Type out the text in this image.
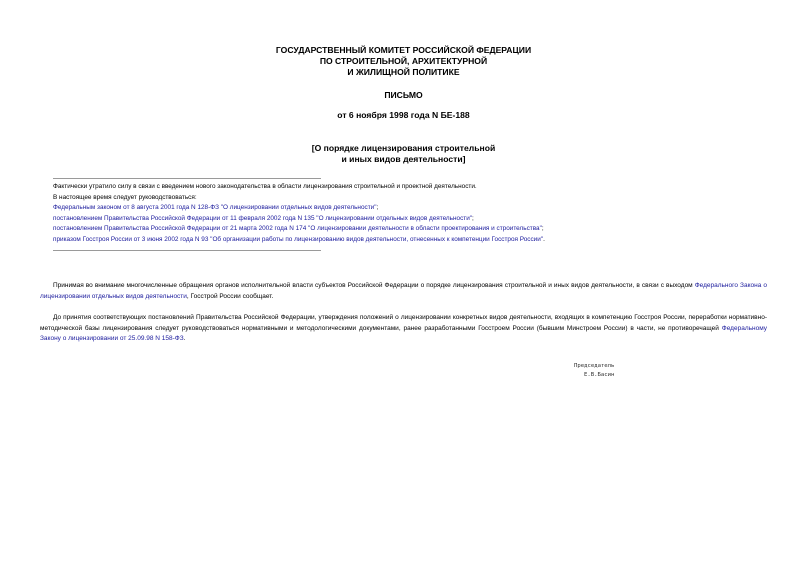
ГОСУДАРСТВЕННЫЙ КОМИТЕТ РОССИЙСКОЙ ФЕДЕРАЦИИ
ПО СТРОИТЕЛЬНОЙ, АРХИТЕКТУРНОЙ
И ЖИЛИЩНОЙ ПОЛИТИКЕ
ПИСЬМО
от 6 ноября 1998 года N БЕ-188
[О порядке лицензирования строительной
и иных видов деятельности]
Фактически утратило силу в связи с введением нового законодательства в области лицензирования строительной и проектной деятельности.
В настоящее время следует руководствоваться:
Федеральным законом от 8 августа 2001 года N 128-ФЗ "О лицензировании отдельных видов деятельности";
постановлением Правительства Российской Федерации от 11 февраля 2002 года N 135 "О лицензировании отдельных видов деятельности";
постановлением Правительства Российской Федерации от 21 марта 2002 года N 174 "О лицензировании деятельности в области проектирования и строительства";
приказом Госстроя России от 3 июня 2002 года N 93 "Об организации работы по лицензированию видов деятельности, отнесенных к компетенции Госстроя России".
Принимая во внимание многочисленные обращения органов исполнительной власти субъектов Российской Федерации о порядке лицензирования строительной и иных видов деятельности, в связи с выходом Федерального Закона о лицензировании отдельных видов деятельности, Госстрой России сообщает.
До принятия соответствующих постановлений Правительства Российской Федерации, утверждения положений о лицензировании конкретных видов деятельности, входящих в компетенцию Госстроя России, переработки нормативно-методической базы лицензирования следует руководствоваться нормативными и методологическими документами, ранее разработанными Госстроем России (бывшим Минстроем России) в части, не противоречащей Федеральному Закону о лицензировании от 25.09.98 N 158-ФЗ.
Председатель
Е.В.Басин
